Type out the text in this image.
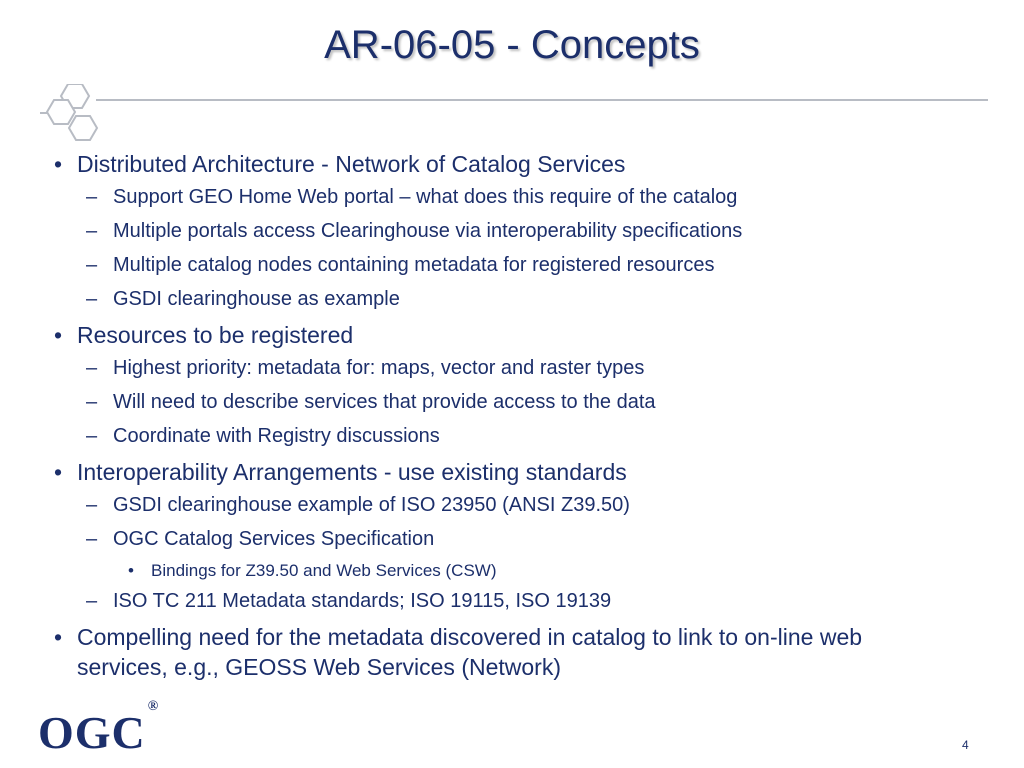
AR-06-05 - Concepts
• Distributed Architecture - Network of Catalog Services
– Support GEO Home Web portal – what does this require of the catalog
– Multiple portals access Clearinghouse via interoperability specifications
– Multiple catalog nodes containing metadata for registered resources
– GSDI clearinghouse as example
• Resources to be registered
– Highest priority: metadata for: maps, vector and raster types
– Will need to describe services that provide access to the data
– Coordinate with Registry discussions
• Interoperability Arrangements - use existing standards
– GSDI clearinghouse example of ISO 23950 (ANSI Z39.50)
– OGC Catalog Services Specification
• Bindings for Z39.50 and Web Services (CSW)
– ISO TC 211 Metadata standards; ISO 19115, ISO 19139
• Compelling need for the metadata discovered in catalog to link to on-line web services, e.g., GEOSS Web Services (Network)
OGC®
4
